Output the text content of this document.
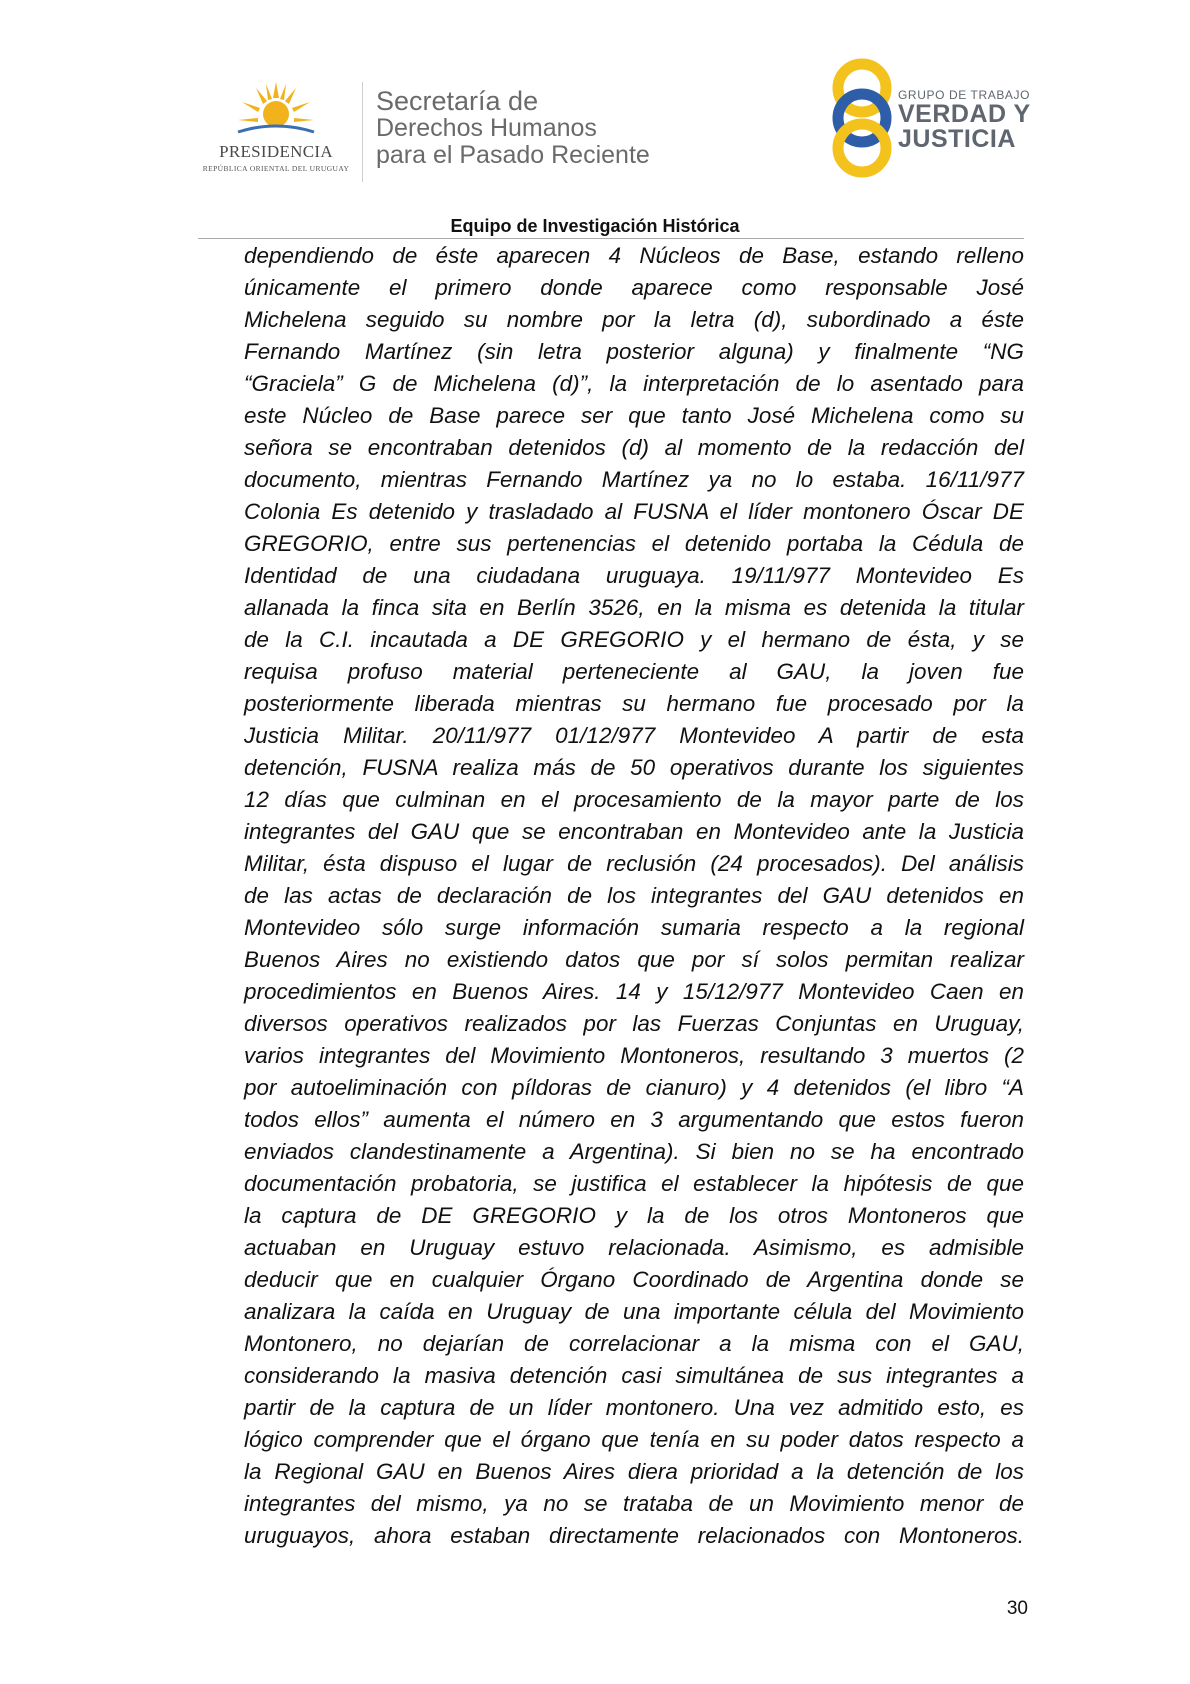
PRESIDENCIA
REPÚBLICA ORIENTAL DEL URUGUAY
Secretaría de
Derechos Humanos
para el Pasado Reciente
GRUPO DE TRABAJO
VERDAD Y
JUSTICIA
Equipo de Investigación Histórica
dependiendo de éste aparecen 4 Núcleos de Base, estando relleno
únicamente el primero donde aparece como responsable José
Michelena seguido su nombre por la letra (d), subordinado a éste
Fernando Martínez (sin letra posterior alguna) y finalmente “NG
“Graciela” G de Michelena (d)”, la interpretación de lo asentado para
este Núcleo de Base parece ser que tanto José Michelena como su
señora se encontraban detenidos (d) al momento de la redacción del
documento, mientras Fernando Martínez ya no lo estaba. 16/11/977
Colonia Es detenido y trasladado al FUSNA el líder montonero Óscar DE
GREGORIO, entre sus pertenencias el detenido portaba la Cédula de
Identidad de una ciudadana uruguaya. 19/11/977 Montevideo Es
allanada la finca sita en Berlín 3526, en la misma es detenida la titular
de la C.I. incautada a DE GREGORIO y el hermano de ésta, y se
requisa profuso material perteneciente al GAU, la joven fue
posteriormente liberada mientras su hermano fue procesado por la
Justicia Militar. 20/11/977 01/12/977 Montevideo A partir de esta
detención, FUSNA realiza más de 50 operativos durante los siguientes
12 días que culminan en el procesamiento de la mayor parte de los
integrantes del GAU que se encontraban en Montevideo ante la Justicia
Militar, ésta dispuso el lugar de reclusión (24 procesados). Del análisis
de las actas de declaración de los integrantes del GAU detenidos en
Montevideo sólo surge información sumaria respecto a la regional
Buenos Aires no existiendo datos que por sí solos permitan realizar
procedimientos en Buenos Aires. 14 y 15/12/977 Montevideo Caen en
diversos operativos realizados por las Fuerzas Conjuntas en Uruguay,
varios integrantes del Movimiento Montoneros, resultando 3 muertos (2
por autoeliminación con píldoras de cianuro) y 4 detenidos (el libro “A
todos ellos” aumenta el número en 3 argumentando que estos fueron
enviados clandestinamente a Argentina). Si bien no se ha encontrado
documentación probatoria, se justifica el establecer la hipótesis de que
la captura de DE GREGORIO y la de los otros Montoneros que
actuaban en Uruguay estuvo relacionada. Asimismo, es admisible
deducir que en cualquier Órgano Coordinado de Argentina donde se
analizara la caída en Uruguay de una importante célula del Movimiento
Montonero, no dejarían de correlacionar a la misma con el GAU,
considerando la masiva detención casi simultánea de sus integrantes a
partir de la captura de un líder montonero. Una vez admitido esto, es
lógico comprender que el órgano que tenía en su poder datos respecto a
la Regional GAU en Buenos Aires diera prioridad a la detención de los
integrantes del mismo, ya no se trataba de un Movimiento menor de
uruguayos, ahora estaban directamente relacionados con Montoneros.
30
